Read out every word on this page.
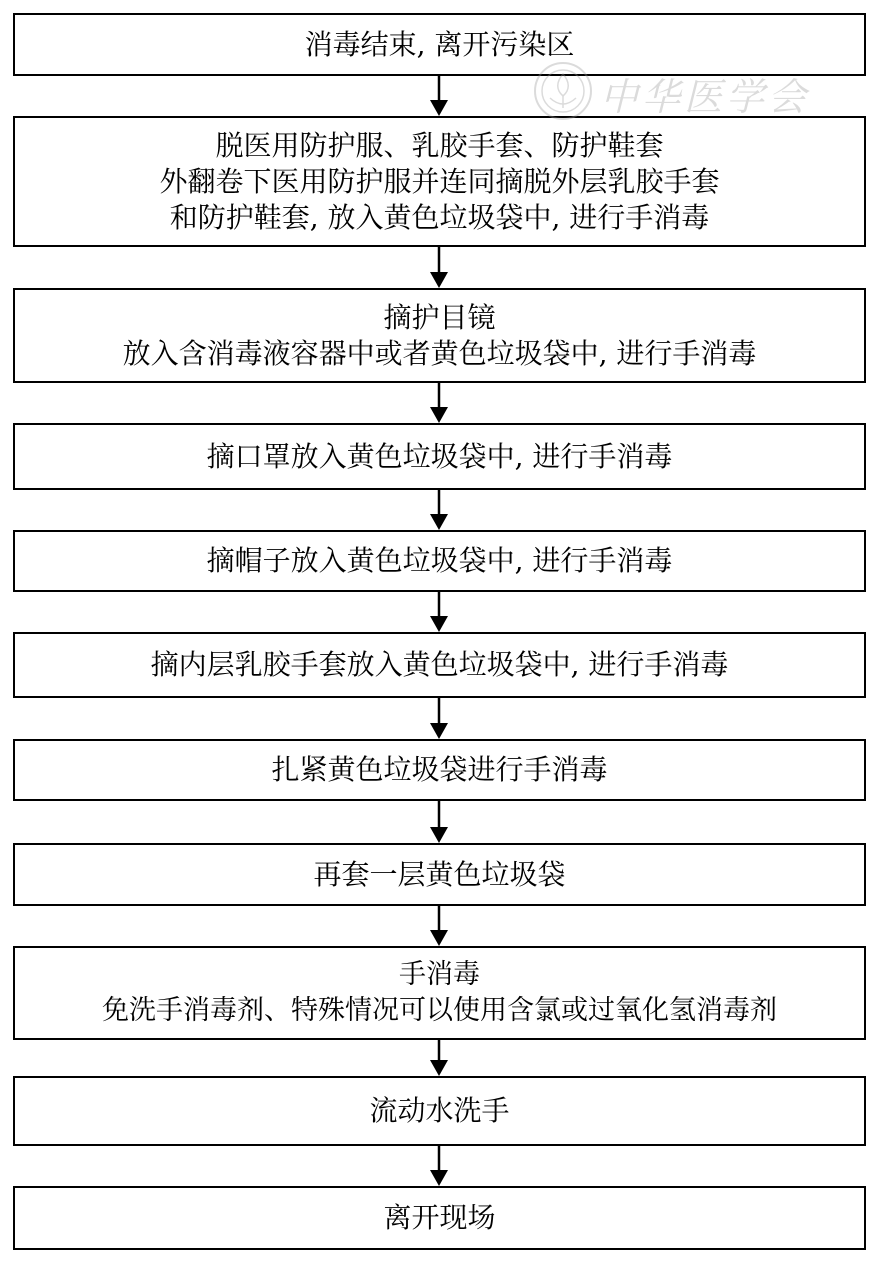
消毒结束, 离开污染区
脱医用防护服、乳胶手套、防护鞋套
外翻卷下医用防护服并连同摘脱外层乳胶手套
和防护鞋套, 放入黄色垃圾袋中, 进行手消毒
摘护目镜
放入含消毒液容器中或者黄色垃圾袋中, 进行手消毒
摘口罩放入黄色垃圾袋中, 进行手消毒
摘帽子放入黄色垃圾袋中, 进行手消毒
摘内层乳胶手套放入黄色垃圾袋中, 进行手消毒
扎紧黄色垃圾袋进行手消毒
再套一层黄色垃圾袋
手消毒
免洗手消毒剂、特殊情况可以使用含氯或过氧化氢消毒剂
流动水洗手
离开现场
中华医学会
